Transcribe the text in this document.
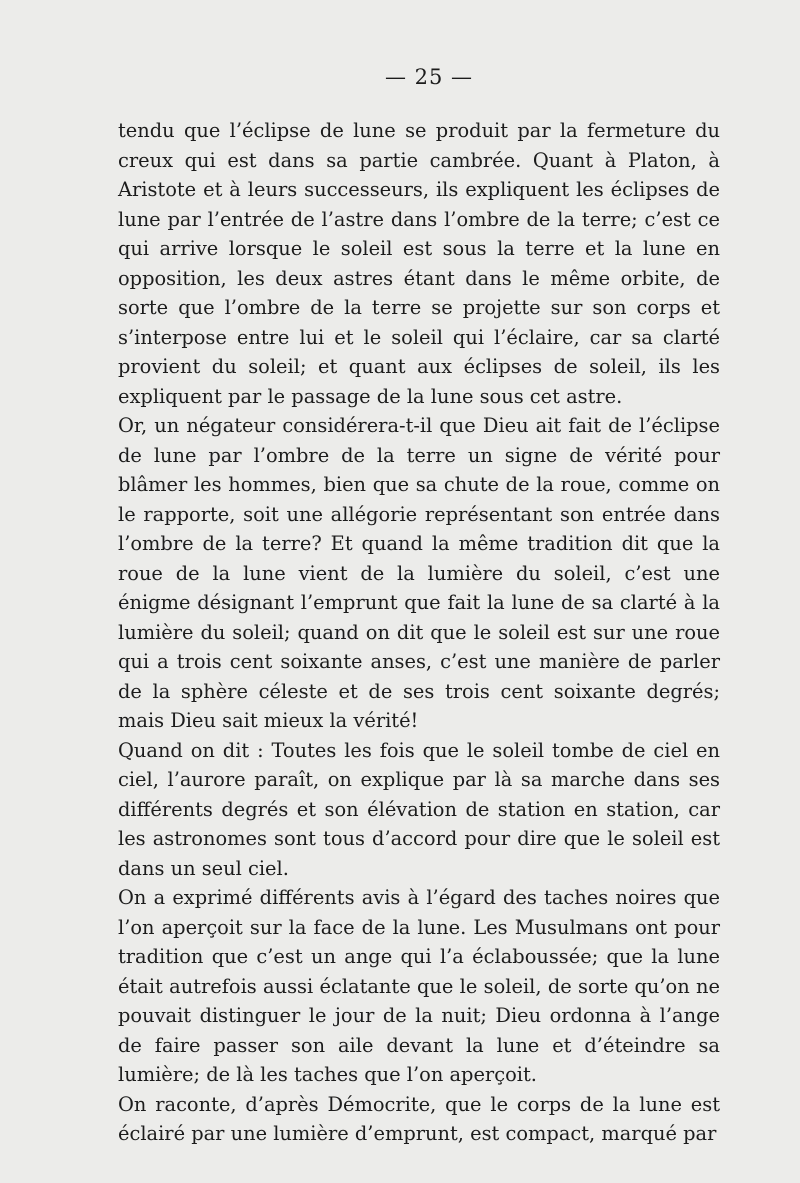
— 25 —

tendu que l’éclipse de lune se produit par la fermeture du creux qui est dans sa partie cambrée. Quant à Platon, à Aristote et à leurs successeurs, ils expliquent les éclipses de lune par l’entrée de l’astre dans l’ombre de la terre; c’est ce qui arrive lorsque le soleil est sous la terre et la lune en opposition, les deux astres étant dans le même orbite, de sorte que l’ombre de la terre se projette sur son corps et s’interpose entre lui et le soleil qui l’éclaire, car sa clarté provient du soleil; et quant aux éclipses de soleil, ils les expliquent par le passage de la lune sous cet astre.

Or, un négateur considérera-t-il que Dieu ait fait de l’éclipse de lune par l’ombre de la terre un signe de vérité pour blâmer les hommes, bien que sa chute de la roue, comme on le rapporte, soit une allégorie représentant son entrée dans l’ombre de la terre? Et quand la même tradition dit que la roue de la lune vient de la lumière du soleil, c’est une énigme désignant l’emprunt que fait la lune de sa clarté à la lumière du soleil; quand on dit que le soleil est sur une roue qui a trois cent soixante anses, c’est une manière de parler de la sphère céleste et de ses trois cent soixante degrés; mais Dieu sait mieux la vérité!

Quand on dit : Toutes les fois que le soleil tombe de ciel en ciel, l’aurore paraît, on explique par là sa marche dans ses différents degrés et son élévation de station en station, car les astronomes sont tous d’accord pour dire que le soleil est dans un seul ciel.

On a exprimé différents avis à l’égard des taches noires que l’on aperçoit sur la face de la lune. Les Musulmans ont pour tradition que c’est un ange qui l’a éclaboussée; que la lune était autrefois aussi éclatante que le soleil, de sorte qu’on ne pouvait distinguer le jour de la nuit; Dieu ordonna à l’ange de faire passer son aile devant la lune et d’éteindre sa lumière; de là les taches que l’on aperçoit.

On raconte, d’après Démocrite, que le corps de la lune est éclairé par une lumière d’emprunt, est compact, marqué par
